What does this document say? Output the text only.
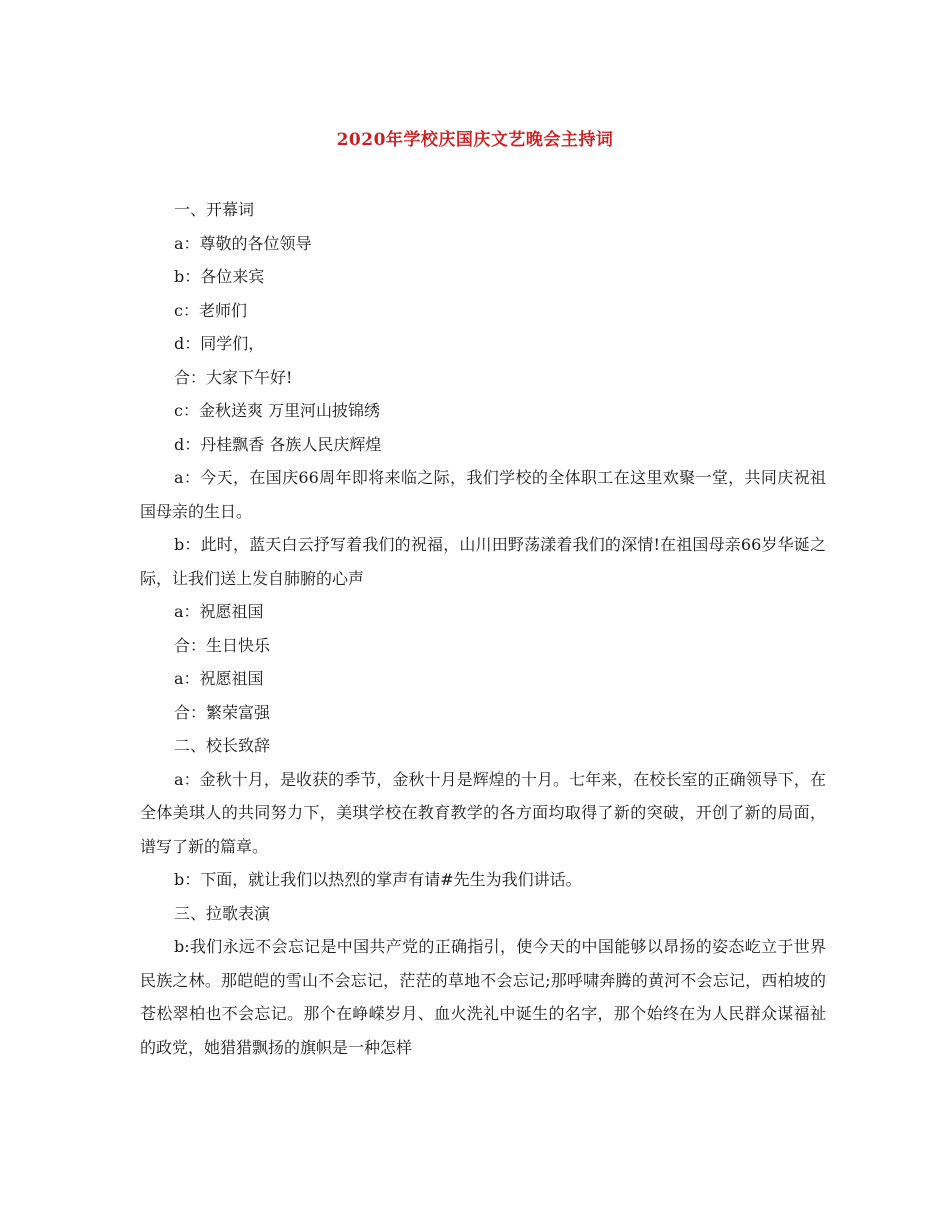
2020年学校庆国庆文艺晚会主持词

一、开幕词

a：尊敬的各位领导

b：各位来宾

c：老师们

d：同学们，

合：大家下午好!

c：金秋送爽 万里河山披锦绣

d：丹桂飘香 各族人民庆辉煌

a：今天，在国庆66周年即将来临之际，我们学校的全体职工在这里欢聚一堂，共同庆祝祖国母亲的生日。

b：此时，蓝天白云抒写着我们的祝福，山川田野荡漾着我们的深情!在祖国母亲66岁华诞之际，让我们送上发自肺腑的心声

a：祝愿祖国

合：生日快乐

a：祝愿祖国

合：繁荣富强

二、校长致辞

a：金秋十月，是收获的季节，金秋十月是辉煌的十月。七年来，在校长室的正确领导下，在全体美琪人的共同努力下，美琪学校在教育教学的各方面均取得了新的突破，开创了新的局面，谱写了新的篇章。

b：下面，就让我们以热烈的掌声有请#先生为我们讲话。

三、拉歌表演

b:我们永远不会忘记是中国共产党的正确指引，使今天的中国能够以昂扬的姿态屹立于世界民族之林。那皑皑的雪山不会忘记，茫茫的草地不会忘记;那呼啸奔腾的黄河不会忘记，西柏坡的苍松翠柏也不会忘记。那个在峥嵘岁月、血火洗礼中诞生的名字，那个始终在为人民群众谋福祉的政党，她猎猎飘扬的旗帜是一种怎样
